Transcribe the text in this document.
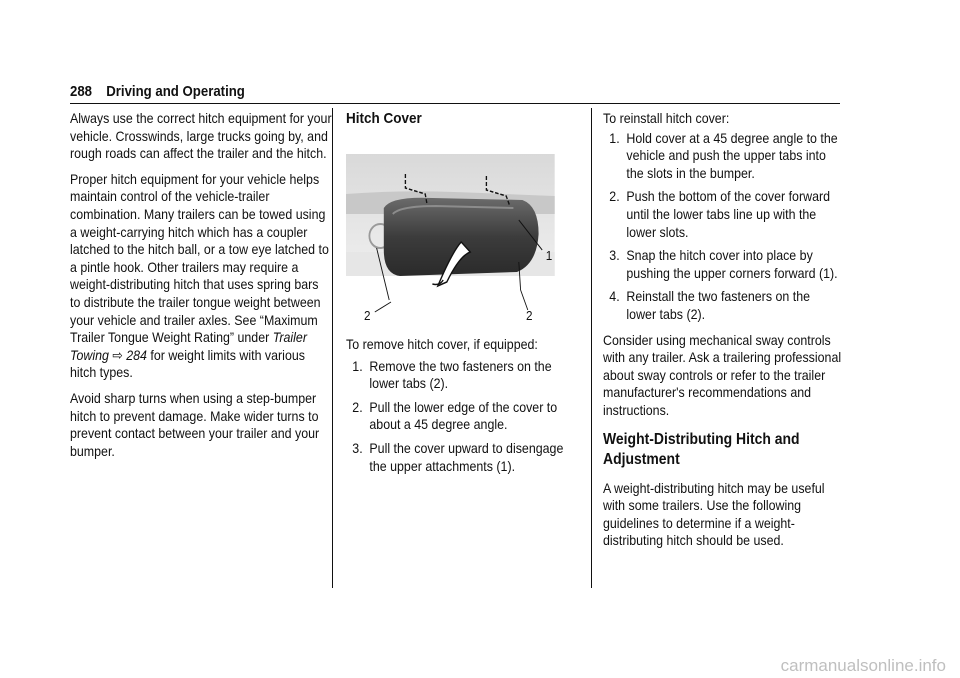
288 Driving and Operating

Always use the correct hitch equipment for your vehicle. Crosswinds, large trucks going by, and rough roads can affect the trailer and the hitch.

Proper hitch equipment for your vehicle helps maintain control of the vehicle-trailer combination. Many trailers can be towed using a weight-carrying hitch which has a coupler latched to the hitch ball, or a tow eye latched to a pintle hook. Other trailers may require a weight-distributing hitch that uses spring bars to distribute the trailer tongue weight between your vehicle and trailer axles. See “Maximum Trailer Tongue Weight Rating” under Trailer Towing ⇨ 284 for weight limits with various hitch types.

Avoid sharp turns when using a step-bumper hitch to prevent damage. Make wider turns to prevent contact between your trailer and your bumper.

Hitch Cover
1
2	2

To remove hitch cover, if equipped:

1. Remove the two fasteners on the lower tabs (2).
2. Pull the lower edge of the cover to about a 45 degree angle.
3. Pull the cover upward to disengage the upper attachments (1).

To reinstall hitch cover:

1. Hold cover at a 45 degree angle to the vehicle and push the upper tabs into the slots in the bumper.
2. Push the bottom of the cover forward until the lower tabs line up with the lower slots.
3. Snap the hitch cover into place by pushing the upper corners forward (1).
4. Reinstall the two fasteners on the lower tabs (2).

Consider using mechanical sway controls with any trailer. Ask a trailering professional about sway controls or refer to the trailer manufacturer's recommendations and instructions.

Weight-Distributing Hitch and Adjustment

A weight-distributing hitch may be useful with some trailers. Use the following guidelines to determine if a weight-distributing hitch should be used.

carmanualsonline.info
